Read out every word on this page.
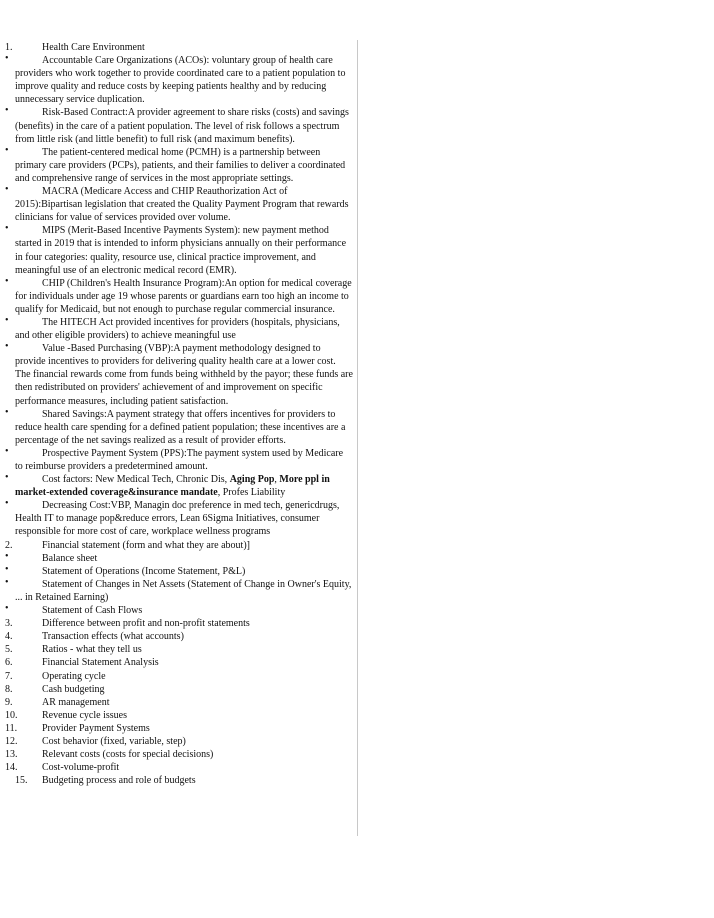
1.	Health Care Environment
•	Accountable Care Organizations (ACOs): voluntary group of health care providers who work together to provide coordinated care to a patient population to improve quality and reduce costs by keeping patients healthy and by reducing unnecessary service duplication.
•	Risk-Based Contract:A provider agreement to share risks (costs) and savings (benefits) in the care of a patient population. The level of risk follows a spectrum from little risk (and little benefit) to full risk (and maximum benefits).
•	The patient-centered medical home (PCMH) is a partnership between primary care providers (PCPs), patients, and their families to deliver a coordinated and comprehensive range of services in the most appropriate settings.
•	MACRA (Medicare Access and CHIP Reauthorization Act of 2015):Bipartisan legislation that created the Quality Payment Program that rewards clinicians for value of services provided over volume.
•	MIPS (Merit-Based Incentive Payments System): new payment method started in 2019 that is intended to inform physicians annually on their performance in four categories: quality, resource use, clinical practice improvement, and meaningful use of an electronic medical record (EMR).
•	CHIP (Children's Health Insurance Program):An option for medical coverage for individuals under age 19 whose parents or guardians earn too high an income to qualify for Medicaid, but not enough to purchase regular commercial insurance.
•	The HITECH Act provided incentives for providers (hospitals, physicians, and other eligible providers) to achieve meaningful use
•	Value -Based Purchasing (VBP):A payment methodology designed to provide incentives to providers for delivering quality health care at a lower cost. The financial rewards come from funds being withheld by the payor; these funds are then redistributed on providers' achievement of and improvement on specific performance measures, including patient satisfaction.
•	Shared Savings:A payment strategy that offers incentives for providers to reduce health care spending for a defined patient population; these incentives are a percentage of the net savings realized as a result of provider efforts.
•	Prospective Payment System (PPS):The payment system used by Medicare to reimburse providers a predetermined amount.
•	Cost factors: New Medical Tech, Chronic Dis, Aging Pop, More ppl in market-extended coverage&insurance mandate, Profes Liability
•	Decreasing Cost:VBP, Managin doc preference in med tech, genericdrugs, Health IT to manage pop&reduce errors, Lean 6Sigma Initiatives, consumer responsible for more cost of care, workplace wellness programs
2.	Financial statement (form and what they are about)]
•	Balance sheet
•	Statement of Operations (Income Statement, P&L)
•	Statement of Changes in Net Assets (Statement of Change in Owner's Equity, ... in Retained Earning)
•	Statement of Cash Flows
3.	Difference between profit and non-profit statements
4.	Transaction effects (what accounts)
5.	Ratios - what they tell us
6.	Financial Statement Analysis
7.	Operating cycle
8.	Cash budgeting
9.	AR management
10. Revenue cycle issues
11. Provider Payment Systems
12. Cost behavior (fixed, variable, step)
13. Relevant costs (costs for special decisions)
14. Cost-volume-profit
15. Budgeting process and role of budgets
